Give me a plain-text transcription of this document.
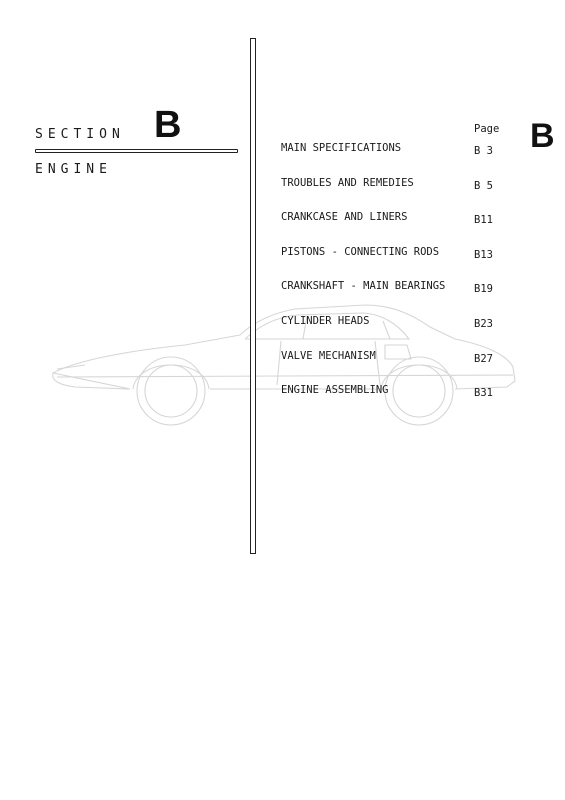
SECTION B
ENGINE
B
Page
MAIN SPECIFICATIONS	B 3
TROUBLES AND REMEDIES	B 5
CRANKCASE AND LINERS	B11
PISTONS - CONNECTING RODS	B13
CRANKSHAFT - MAIN BEARINGS	B19
CYLINDER HEADS	B23
VALVE MECHANISM	B27
ENGINE ASSEMBLING	B31
